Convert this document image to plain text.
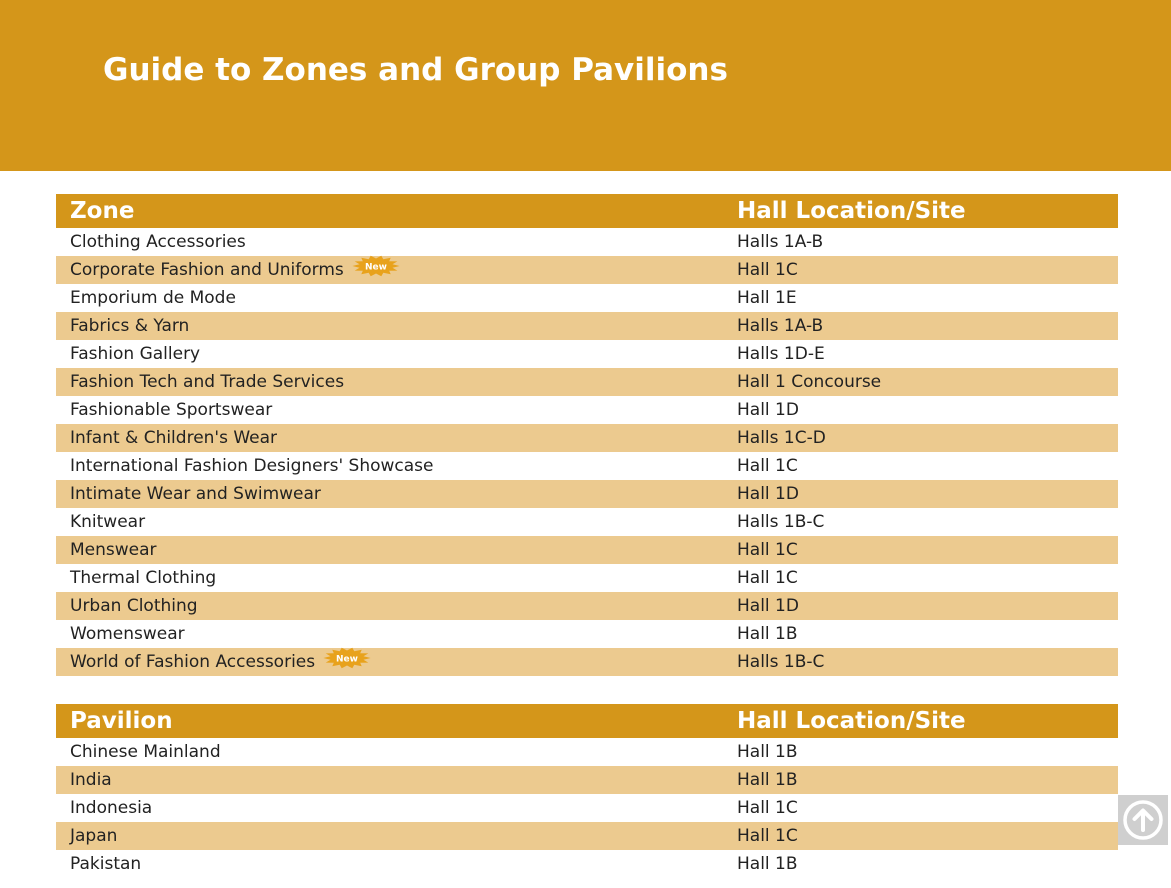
Guide to Zones and Group Pavilions
Zone	Hall Location/Site
Clothing Accessories	Halls 1A-B
Corporate Fashion and Uniforms New	Hall 1C
Emporium de Mode	Hall 1E
Fabrics & Yarn	Halls 1A-B
Fashion Gallery	Halls 1D-E
Fashion Tech and Trade Services	Hall 1 Concourse
Fashionable Sportswear	Hall 1D
Infant & Children's Wear	Halls 1C-D
International Fashion Designers' Showcase	Hall 1C
Intimate Wear and Swimwear	Hall 1D
Knitwear	Halls 1B-C
Menswear	Hall 1C
Thermal Clothing	Hall 1C
Urban Clothing	Hall 1D
Womenswear	Hall 1B
World of Fashion Accessories New	Halls 1B-C
Pavilion	Hall Location/Site
Chinese Mainland	Hall 1B
India	Hall 1B
Indonesia	Hall 1C
Japan	Hall 1C
Pakistan	Hall 1B
